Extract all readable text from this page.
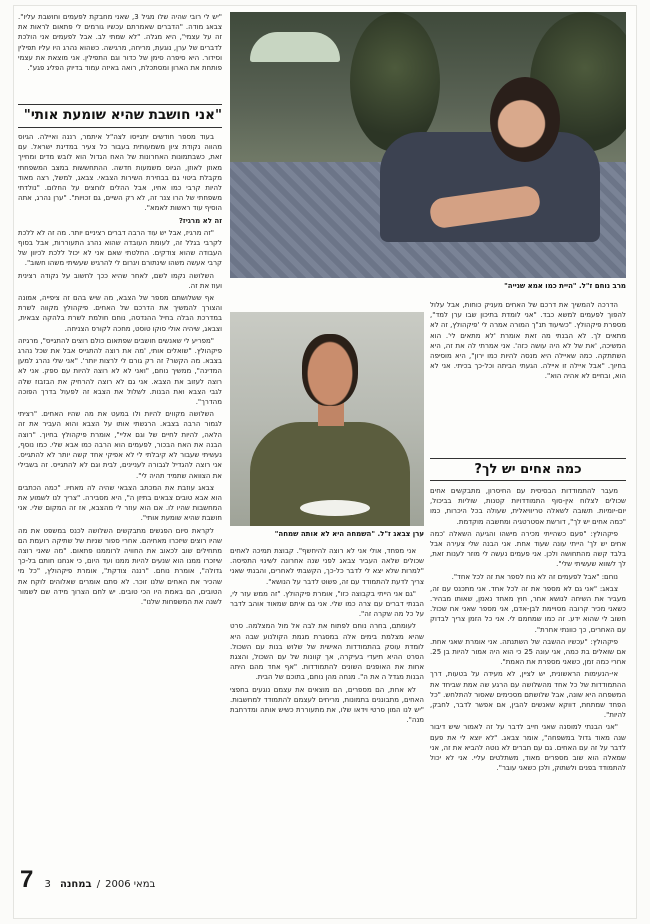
"יש לי רובי שהיה שלו מגיל 3, שאני מחבקת לפעמים וחושבת עליו". צבאג מודה. "הדברים שאמרתם עכשיו גורמים לי פתאום לראות את זה על עצמי", היא מגלה. "לא שמתי לב. אבל לפעמים אני הולכת לדברים של ערן, נוגעת, מריחה, מרגישה. כשהוא נהרג היו עליו תפילין וסידור. היא סיפרה סימן של כדור וגם התפילין. אני מוצאת את עצמי פותחת את הארון ומסתכלת, רואה באיזה עמוד בדיוק הפליג פגע".

"אני חושבת שהיא שומעת אותי"

בעוד מספר חודשים יתגייסו לצה"ל איתמר, רננה ואיילה. הגיוס מהווה נקודת ציון משמעותית בעבור כל צעיר במדינת ישראל. עם זאת, כשבתמונות האחרונות של האח הגדול הוא לובש מדים ומחייך מאוזן לאוזן, הגיוס משמעות חדשה. ההתחששות במצב המשפחתי מקבלת ביטוי גם בבחירת השירות הצבאי. צבאג, למשל, רצה מאוד להיות קרבי כמו אחיו, אבל ההלים לוחצים על החלום. "נולדתי משפחתי של הרו צנר זה, לא רק השיים, גם זכויות". "ערן נהרג, אתה הוסיף עוד ראשות לאמא".

זה לא מרגיז?

"זה מרגיז, אבל יש עוד הרבה דברים רציניים יותר. מה זה לא ללכת לקרבי בגלל זה, לעומת העובדה שהוא נהרג התעוררות, אבל בסוף העבודה שהוא צודקים. החלטתי שאם אני לא יכול ללכת לכיוון של קרבי אעשה משהו שינתורם ויגרום לי להרגיש שעשיתי משהו חשוב".

השלושה נקמו לשם, לאחר שהיא ככך לחשוב על נקודה רצינית ועוז את זה.

אף ששלושתם מספר של הצבא, מה שיש בהם זה ציפייה, אמונה והצורך להמשיך את הדרכם של האחים. פיקהולץ מקווה לשרת במדרכת הבלה בחיל ההנדסה, נוחם חולמת לשרת בלהקה צבאית, וצבאג, שיהיה אולי סוקו טוסט, מחכה לקורס הצניחה.

"מפריע לי שאנשים חושבים שפתאום כולם רוצים להתגייס", מרגיזה פיקהולץ. "שואלים אותי, 'מה את רוצה להתגייס אבל את שכל נהרג בצבא. מה הקשר? זה רק גורם לי לרצות יותר'. "אני שלי נהרג למען המדינה", ממשיך נוחם, "ואני לא לא רוצה להיות עם ספק. אני לא רוצה לעזוב את הצבא. אני גם לא רוצה להרחיק את הבזבוז שלה לגבי הצבא ואת הבנות. לשלול את הצבא זה לפעול בדרך הפוכה מהדרך".

השלושה מקווים להיות ולו במעט את מה שהיו האחים. "רציתי לגמור הרבה בצבא. הרגשתי אותו על הצבא והוא העביר את זה הלאה, להיות לחיים של וגם אליי", אומרת פיקהולץ בחיוך. "רוצה הבנה את האח הבכור, לפעמים הוא הרבה כמו אבא שלי. כמו נוסף, נעשיתי שעבור לא קיבלתי לי לא אפיקי אחד קשה יותר לא להתגייס. אני רוצה להגדיל לגבורה לעניינים, לבית וגם לא להתגייס. זה בשבילי את הצוואה שתמיד תהיה לי".

צבאג עוזבת את המכתב הצבאי שהיה לה מאחיו. "כמה הכתבים הוא אבא טובים צבאים בתיזן ה", היא מסבירה. "צריך לנו לשמוע את המחשבות שהיו לו. אם הוא עוזר לי מהצבא, אז זה המקום שלי. אני חושבת שהיא שומעת אותי".

לקראת סיום הפגשים מתבקשים השלושה לכנס במשפט את מה שהיו רוצים שיזכרו מאחיהם. אחרי ספור שניות של שתיקה רועמת הם מתחילים שוב לכאוב את החוויה לרוממנו פתאום. "מה שאני רוצה שיזכרו ממנו הוא שנעים להיות ממנו ועד היום, כי אנחנו חותם בל-כך גדולה", אומרת נוחם. "רננה צודקת", אומרת פיקהולץ, "כל מי שהכיר את האחים שלנו זוכר. לא סתם אומרים שאלוהים לוקח את הטובים, הם באמת היו הכי טובים. יש לחם הצרוך מידה שם לשמור לשנה את המשפחות שלנו".

מרב נוחם ז"ל. "היית כמו אמא שנייה"
ערן צבאג ז"ל. "השמחה היא לא אותה שמחה"

אני מפחד, אולי אני לא רוצה להיחשף". קבוצת תמיכה לאחים שכולים שלאה העביר צבאג לפני שנה אחרונה לשינוי התפיסה. "למרות שלא יצא לי לדבר כל-כך, הקשבתי לאחרים, והבנתי שאני צריך לדעת להתמודד עם זה, פשוט לדבר על הנושא".

"גם אני הייתי בקבוצה כזו", אומרת פיקהולץ. "זה ממש עזר לי, הבנתי דברים עם צרה כמו שלי. אני גם איתם שמאוד אוהב לדבר על כל מה שקרה זה".

לעומתם, בחרה נוחם לפתוח את לבה אל מול המצלמה. סרט שהיא מצלמת בימים אלה במסגרת מגמת הקולנוע שבה היא לומדת עוסק בהתמודדות האישית של שלוש בנות עם השכול. הסרט ההיא תיעדי בעיקרה, אך קוונות של עם השכול, והצגת אחות את האופנים השונים להתמודדות. "אף אחד מהם היתה הבנות מגדל ה את ה". מנחה מהן נוחם, בתוכם של הבית.

לא אחת, הם מספרים, הם מוצאים את עצמם נוגעים בחפצי האחים, מתבוננים בתמונות, מריחים לעצמם להתמודד למחשבות. "יש לנו המון סרטי וידאו שלו, את מתעוררת כשיש אותה ומדרחבת מנה".

הדרכה להמשיך את דרכם של האחים מעניק כוחות, אבל עלול להפוך לפעמים למשא כבד. "אני לומדת בתיכון שבו ערן למד", מספרת פיקהולץ. "כשיעוד תנ"ך המורה אמרה לי 'פיקהולץ, זה לא מתאים לך. לא הבנתי מה זאת אומרת 'לא מתאים לי'. הוא המשיכה, 'את של לא היה עושה כזה'. אני אמרתי לה את זה, היא השתתקה. כמה שאיילה היא מנסה להיות כמו ירון", היא מוסיפה בחיוך. "אבל איילה זו איילה. הגעתי הביתה וכל-כך בכיתי. אני לא הוא, ובחיים לא אהיה הוא".

כמה אחים יש לך?

מעבר להתמודדות הבסיסית עם החיסרון, מתבקשים אחים שכולים לצלוח אין-סוף התמודדויות קטנות, שוליות בביכול, יום-יומיות. תשובה לשאלה טריוויאלית, שעולה בכל היכרות, כמו "כמה אחים יש לך", דורשת אסטרטגיה ומחשבה מוקדמת.

פיקהולץ: "פעם כשהייתי מכירה מישהו והגיעה השאלה 'כמה אחים יש לך' הייתי עונה שעוד אחת. אני הבנה שלי צעירה אבל בלבד קשה מהתחושה ולכן. אני פעמים נעשה לי מוזר לענות זאת, לך לשווא שעשיתי שלי".

נוחם: "אבל לפעמים זה לא נוח לספר את זה לכל אחד".

צבאג: "אני גם לא מספר את זה לכל אחד. אני מתכנס עם זה, מעביר את השיחה לנושא אחר, חוץ מאחד נאמן, שאותו מבהיר. כשאני מכיר קרובה מסויימת לבן-אדם, אני מספר שאני אח שכול. חשוב לי שהוא ידע. זה כמו שמחמם לי. אני כל הזמן צריך לבדוק עם האחרים, כך כוונתי אחרת".

פיקהולץ: "עכשיו ההשבה של השתנתה. אני אומרת שאני אחת. אם שואלים בת כמה, אני עונה 25 כי הוא היה אמור להיות בן 25. אחרי כמה זמן, כשאני מספרת את האמת".

אי-הנעימות הראשונית, יש לציין, לא מעידה על בטעות, דרך ההתמודדות של כל אחד מהשלושה עם הרגע שה אמת שביחד את המשפחה היא שונה, אבל שלושתם מסכימים שאסור להתלחש. "כל הפחד שמתחת, דווקא שאנשים להבין, אם אפשר לדבר, לחבק, להיות".

"אני הבנתי למוסנה שאני חייב לדבר על זה לאמור שיש דיבור שנה מאוד גדול במשפחה", אומר צבאג. "לא יוצא לי את פעם לדבר על זה עם האחים. גם עם חברים לא נוטה להביא את זה, אני שמאלה הוא שוב מספרים מאוד, משתלטים עליי. אני לא יכול להתמודד בפנים ולשתוק, ולכן כשאני עובר".

7 3 במאי 2006 / במחנה
